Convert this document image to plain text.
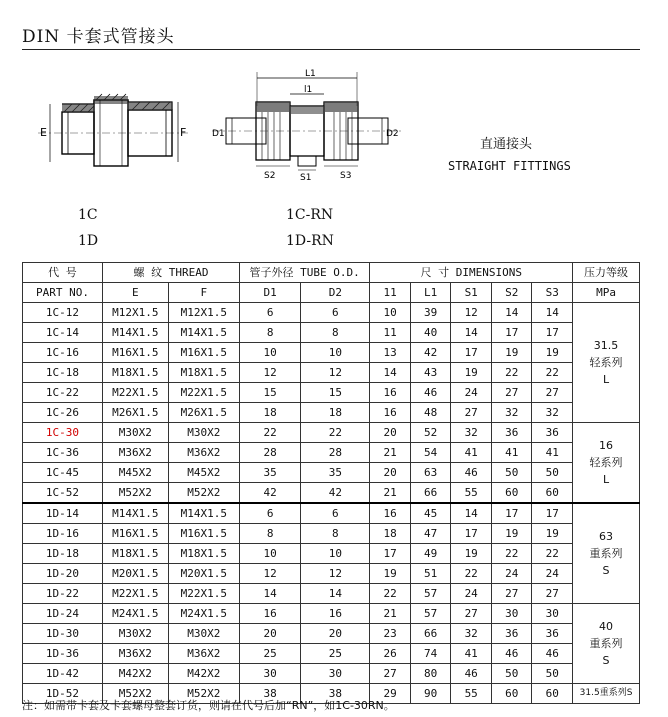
DIN 卡套式管接头
E	F
L1
l1
D1	D2
S2	S1	S3
直通接头
STRAIGHT FITTINGS
1C
1D
1C-RN
1D-RN
代 号	螺 纹 THREAD		管子外径 TUBE O.D.		尺 寸 DIMENSIONS					压力等级
PART NO.	E	F	D1	D2	11	L1	S1	S2	S3	MPa
1C-12	M12X1.5	M12X1.5	6	6	10	39	12	14	14	31.5
轻系列
L

1C-14	M14X1.5	M14X1.5	8	8	11	40	14	17	17	
1C-16	M16X1.5	M16X1.5	10	10	13	42	17	19	19	
1C-18	M18X1.5	M18X1.5	12	12	14	43	19	22	22	
1C-22	M22X1.5	M22X1.5	15	15	16	46	24	27	27	
1C-26	M26X1.5	M26X1.5	18	18	16	48	27	32	32	
1C-30	M30X2	M30X2	22	22	20	52	32	36	36	16
轻系列
L

1C-36	M36X2	M36X2	28	28	21	54	41	41	41	
1C-45	M45X2	M45X2	35	35	20	63	46	50	50	
1C-52	M52X2	M52X2	42	42	21	66	55	60	60	
1D-14	M14X1.5	M14X1.5	6	6	16	45	14	17	17	63
重系列
S

1D-16	M16X1.5	M16X1.5	8	8	18	47	17	19	19	
1D-18	M18X1.5	M18X1.5	10	10	17	49	19	22	22	
1D-20	M20X1.5	M20X1.5	12	12	19	51	22	24	24	
1D-22	M22X1.5	M22X1.5	14	14	22	57	24	27	27	
1D-24	M24X1.5	M24X1.5	16	16	21	57	27	30	30	40
重系列
S

1D-30	M30X2	M30X2	20	20	23	66	32	36	36	
1D-36	M36X2	M36X2	25	25	26	74	41	46	46	
1D-42	M42X2	M42X2	30	30	27	80	46	50	50	
1D-52	M52X2	M52X2	38	38	29	90	55	60	60	31.5重系列S
注：如需带卡套及卡套螺母整套订货，则请在代号后加“RN”，如1C-30RN。
